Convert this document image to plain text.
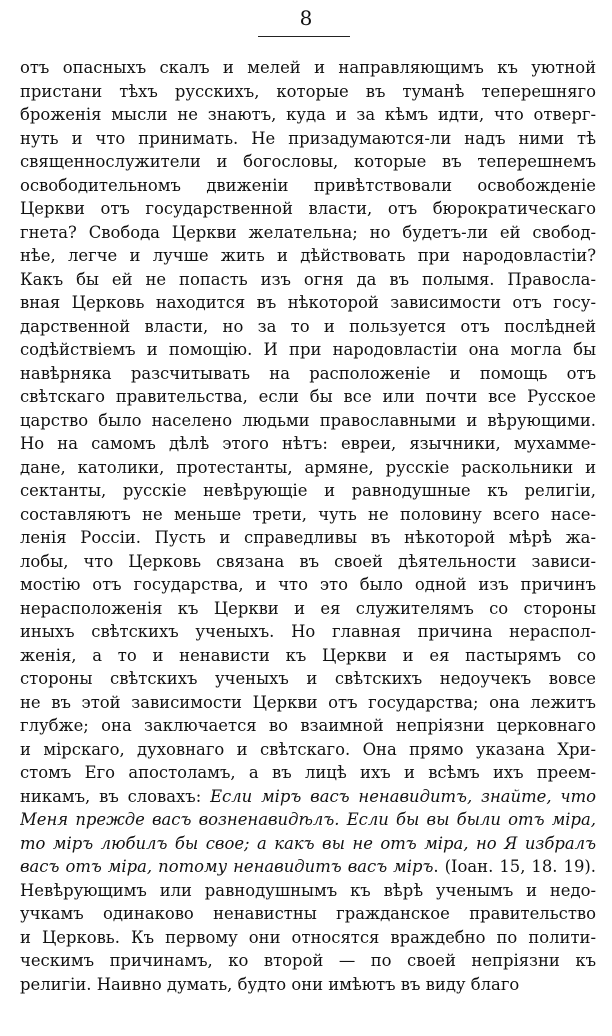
8
отъ опасныхъ скалъ и мелей и направляющимъ къ уютной
пристани тѣхъ русскихъ, которые въ туманѣ теперешняго
броженія мысли не знаютъ, куда и за кѣмъ идти, что отверг-
нуть и что принимать. Не призадумаются-ли надъ ними тѣ
священнослужители и богословы, которые въ теперешнемъ
освободительномъ движеніи привѣтствовали освобожденіе
Церкви отъ государственной власти, отъ бюрократическаго
гнета? Свобода Церкви желательна; но будетъ-ли ей свобод-
нѣе, легче и лучше жить и дѣйствовать при народовластіи?
Какъ бы ей не попасть изъ огня да въ полымя. Правосла-
вная Церковь находится въ нѣкоторой зависимости отъ госу-
дарственной власти, но за то и пользуется отъ послѣдней
содѣйствіемъ и помощію. И при народовластіи она могла бы
навѣрняка разсчитывать на расположеніе и помощь отъ
свѣтскаго правительства, если бы все или почти все Русское
царство было населено людьми православными и вѣрующими.
Но на самомъ дѣлѣ этого нѣтъ: евреи, язычники, мухамме-
дане, католики, протестанты, армяне, русскіе раскольники и
сектанты, русскіе невѣрующіе и равнодушные къ религіи,
составляютъ не меньше трети, чуть не половину всего насе-
ленія Россіи. Пусть и справедливы въ нѣкоторой мѣрѣ жа-
лобы, что Церковь связана въ своей дѣятельности зависи-
мостію отъ государства, и что это было одной изъ причинъ
нерасположенія къ Церкви и ея служителямъ со стороны
иныхъ свѣтскихъ ученыхъ. Но главная причина нераспол-
женія, а то и ненависти къ Церкви и ея пастырямъ со
стороны свѣтскихъ ученыхъ и свѣтскихъ недоучекъ вовсе
не въ этой зависимости Церкви отъ государства; она лежитъ
глубже; она заключается во взаимной непріязни церковнаго
и мірскаго, духовнаго и свѣтскаго. Она прямо указана Хри-
стомъ Его апостоламъ, а въ лицѣ ихъ и всѣмъ ихъ преем-
никамъ, въ словахъ: Если міръ васъ ненавидитъ, знайте, что
Меня прежде васъ возненавидѣлъ. Если бы вы были отъ міра,
то міръ любилъ бы свое; а какъ вы не отъ міра, но Я избралъ
васъ отъ міра, потому ненавидитъ васъ міръ. (Іоан. 15, 18. 19).
Невѣрующимъ или равнодушнымъ къ вѣрѣ ученымъ и недо-
учкамъ одинаково ненавистны гражданское правительство
и Церковь. Къ первому они относятся враждебно по полити-
ческимъ причинамъ, ко второй — по своей непріязни къ
религіи. Наивно думать, будто они имѣютъ въ виду благо
